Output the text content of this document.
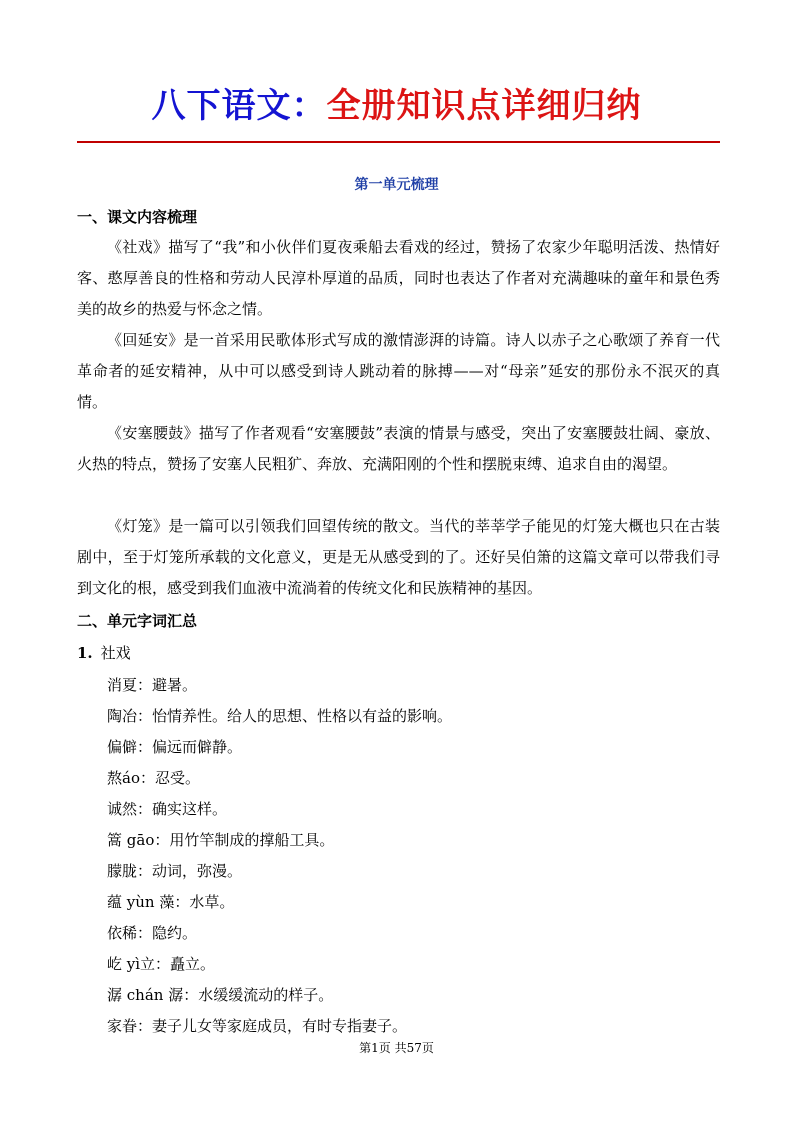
八下语文：全册知识点详细归纳
第一单元梳理
一、课文内容梳理

《社戏》描写了“我”和小伙伴们夏夜乘船去看戏的经过，赞扬了农家少年聪明活泼、热情好客、憨厚善良的性格和劳动人民淳朴厚道的品质，同时也表达了作者对充满趣味的童年和景色秀美的故乡的热爱与怀念之情。

《回延安》是一首采用民歌体形式写成的激情澎湃的诗篇。诗人以赤子之心歌颂了养育一代革命者的延安精神，从中可以感受到诗人跳动着的脉搏——对“母亲”延安的那份永不泯灭的真情。

《安塞腰鼓》描写了作者观看“安塞腰鼓”表演的情景与感受，突出了安塞腰鼓壮阔、豪放、火热的特点，赞扬了安塞人民粗犷、奔放、充满阳刚的个性和摆脱束缚、追求自由的渴望。

《灯笼》是一篇可以引领我们回望传统的散文。当代的莘莘学子能见的灯笼大概也只在古装剧中，至于灯笼所承载的文化意义，更是无从感受到的了。还好吴伯箫的这篇文章可以带我们寻到文化的根，感受到我们血液中流淌着的传统文化和民族精神的基因。

二、单元字词汇总
1. 社戏
消夏：避暑。
陶冶：怡情养性。给人的思想、性格以有益的影响。
偏僻：偏远而僻静。
熬áo：忍受。
诚然：确实这样。
篙 gāo：用竹竿制成的撑船工具。
朦胧：动词，弥漫。
蕴 yùn 藻：水草。
依稀：隐约。
屹 yì立：矗立。
潺 chán 潺：水缓缓流动的样子。
家眷：妻子儿女等家庭成员，有时专指妻子。
第1页 共57页
